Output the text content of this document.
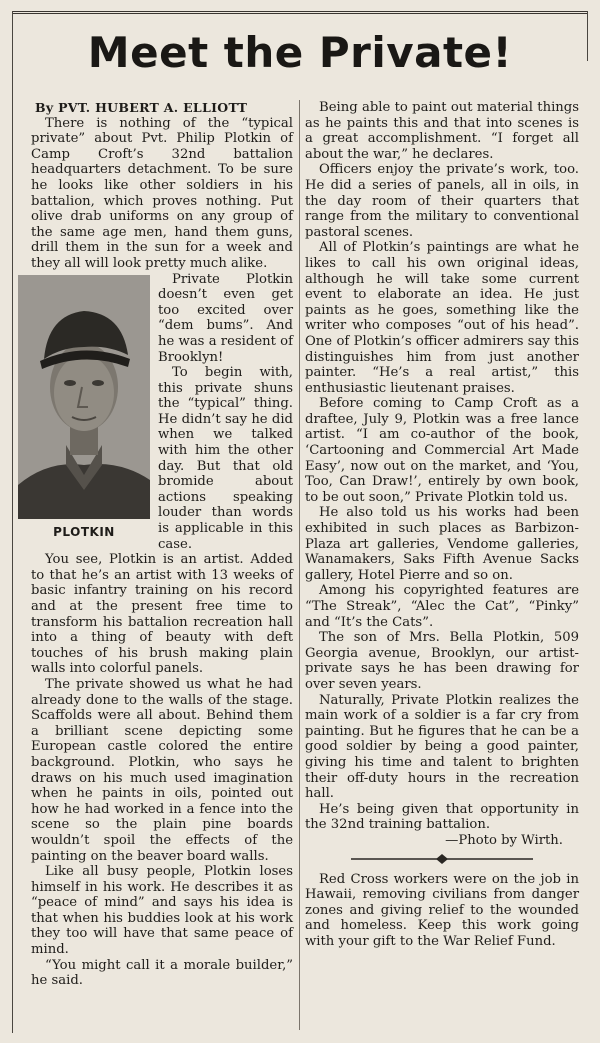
Meet the Private!

By PVT. HUBERT A. ELLIOTT

There is nothing of the “typical private” about Pvt. Philip Plotkin of Camp Croft’s 32nd battalion headquarters detachment. To be sure he looks like other soldiers in his battalion, which proves nothing. Put olive drab uniforms on any group of the same age men, hand them guns, drill them in the sun for a week and they all will look pretty much alike.

PLOTKIN

Private Plotkin doesn’t even get too excited over “dem bums”. And he was a resident of Brooklyn!

To begin with, this private shuns the “typical” thing. He didn’t say he did when we talked with him the other day. But that old bromide about actions speaking louder than words is applicable in this case.

You see, Plotkin is an artist. Added to that he’s an artist with 13 weeks of basic infantry training on his record and at the present free time to transform his battalion recreation hall into a thing of beauty with deft touches of his brush making plain walls into colorful panels.

The private showed us what he had already done to the walls of the stage. Scaffolds were all about. Behind them a brilliant scene depicting some European castle colored the entire background. Plotkin, who says he draws on his much used imagination when he paints in oils, pointed out how he had worked in a fence into the scene so the plain pine boards wouldn’t spoil the effects of the painting on the beaver board walls.

Like all busy people, Plotkin loses himself in his work. He describes it as “peace of mind” and says his idea is that when his buddies look at his work they too will have that same peace of mind.

“You might call it a morale builder,” he said.

Being able to paint out material things as he paints this and that into scenes is a great accomplishment. “I forget all about the war,” he declares.

Officers enjoy the private’s work, too. He did a series of panels, all in oils, in the day room of their quarters that range from the military to conventional pastoral scenes.

All of Plotkin’s paintings are what he likes to call his own original ideas, although he will take some current event to elaborate an idea. He just paints as he goes, something like the writer who composes “out of his head”. One of Plotkin’s officer admirers say this distinguishes him from just another painter. “He’s a real artist,” this enthusiastic lieutenant praises.

Before coming to Camp Croft as a draftee, July 9, Plotkin was a free lance artist. “I am co-author of the book, ‘Cartooning and Commercial Art Made Easy’, now out on the market, and ‘You, Too, Can Draw!’, entirely by own book, to be out soon,” Private Plotkin told us.

He also told us his works had been exhibited in such places as Barbizon-Plaza art galleries, Vendome galleries, Wanamakers, Saks Fifth Avenue Sacks gallery, Hotel Pierre and so on.

Among his copyrighted features are “The Streak”, “Alec the Cat”, “Pinky” and “It’s the Cats”.

The son of Mrs. Bella Plotkin, 509 Georgia avenue, Brooklyn, our artist-private says he has been drawing for over seven years.

Naturally, Private Plotkin realizes the main work of a soldier is a far cry from painting. But he figures that he can be a good soldier by being a good painter, giving his time and talent to brighten their off-duty hours in the recreation hall.

He’s being given that opportunity in the 32nd training battalion.

—Photo by Wirth.

Red Cross workers were on the job in Hawaii, removing civilians from danger zones and giving relief to the wounded and homeless. Keep this work going with your gift to the War Relief Fund.
